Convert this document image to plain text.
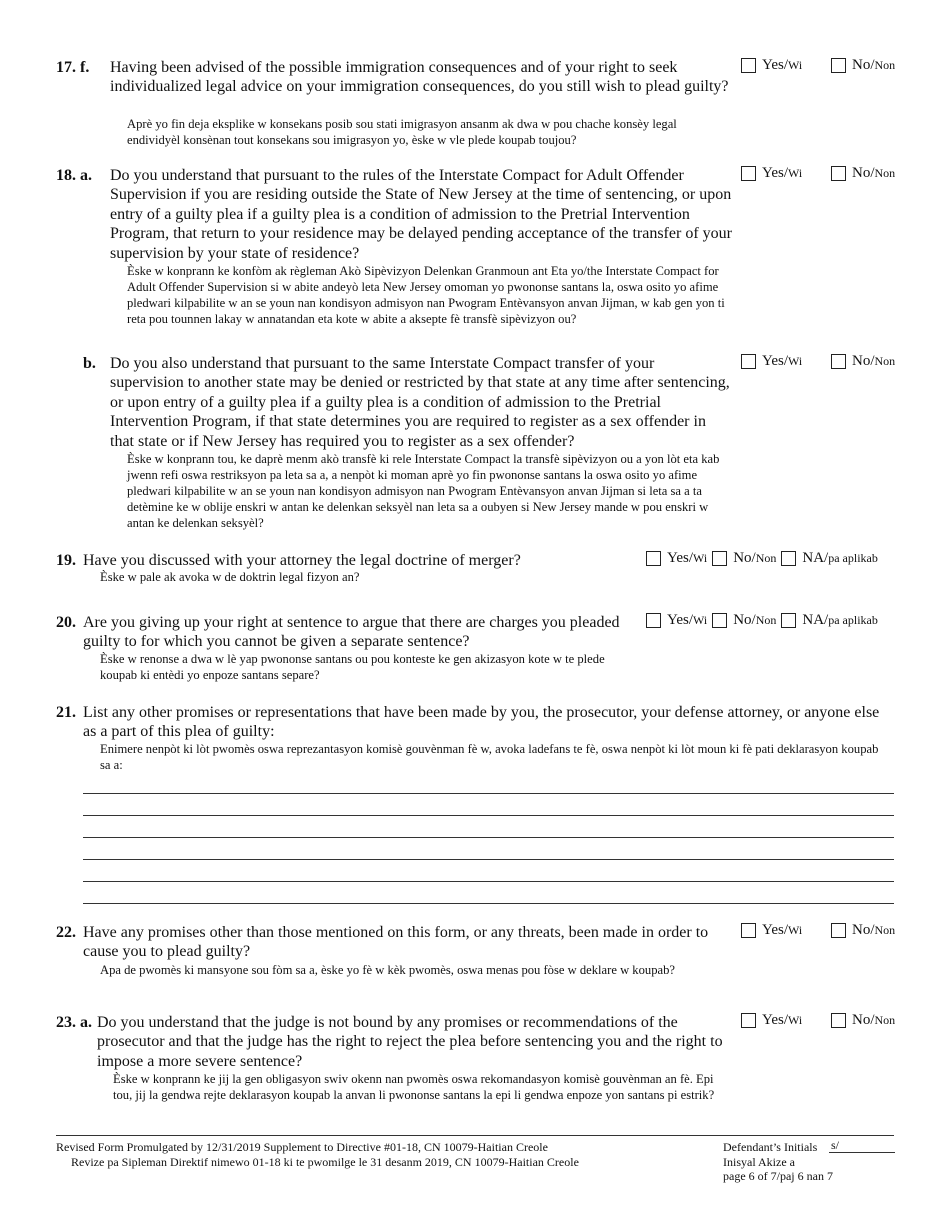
17. f. Having been advised of the possible immigration consequences and of your right to seek individualized legal advice on your immigration consequences, do you still wish to plead guilty?
Aprè yo fin deja eksplike w konsekans posib sou stati imigrasyon ansanm ak dwa w pou chache konsèy legal endividyèl konsènan tout konsekans sou imigrasyon yo, èske w vle plede koupab toujou?
Yes/ Wi	No/ Non
18. a. Do you understand that pursuant to the rules of the Interstate Compact for Adult Offender Supervision if you are residing outside the State of New Jersey at the time of sentencing, or upon entry of a guilty plea if a guilty plea is a condition of admission to the Pretrial Intervention Program, that return to your residence may be delayed pending acceptance of the transfer of your supervision by your state of residence?
Èske w konprann ke konfòm ak règleman Akò Sipèvizyon Delenkan Granmoun ant Eta yo/the Interstate Compact for Adult Offender Supervision si w abite andeyò leta New Jersey omoman yo pwononse santans la, oswa osito yo afime pledwari kilpabilite w an se youn nan kondisyon admisyon nan Pwogram Entèvansyon anvan Jijman, w kab gen yon ti reta pou tounnen lakay w annatandan eta kote w abite a aksepte fè transfè sipèvizyon ou?
Yes/ Wi	No/ Non
b. Do you also understand that pursuant to the same Interstate Compact transfer of your supervision to another state may be denied or restricted by that state at any time after sentencing, or upon entry of a guilty plea if a guilty plea is a condition of admission to the Pretrial Intervention Program, if that state determines you are required to register as a sex offender in that state or if New Jersey has required you to register as a sex offender?
Èske w konprann tou, ke daprè menm akò transfè ki rele Interstate Compact la transfè sipèvizyon ou a yon lòt eta kab jwenn refi oswa restriksyon pa leta sa a, a nenpòt ki moman aprè yo fin pwononse santans la oswa osito yo afime pledwari kilpabilite w an se youn nan kondisyon admisyon nan Pwogram Entèvansyon anvan Jijman si leta sa a ta detèmine ke w oblije enskri w antan ke delenkan seksyèl nan leta sa a oubyen si New Jersey mande w pou enskri w antan ke delenkan seksyèl?
Yes/ Wi	No/ Non
19. Have you discussed with your attorney the legal doctrine of merger?
Èske w pale ak avoka w de doktrin legal fizyon an?
Yes/ Wi No/ Non NA/ pa aplikab
20. Are you giving up your right at sentence to argue that there are charges you pleaded guilty to for which you cannot be given a separate sentence?
Èske w renonse a dwa w lè yap pwononse santans ou pou konteste ke gen akizasyon kote w te plede koupab ki entèdi yo enpoze santans separe?
Yes/ Wi No/ Non NA/ pa aplikab
21. List any other promises or representations that have been made by you, the prosecutor, your defense attorney, or anyone else as a part of this plea of guilty:
Enimere nenpòt ki lòt pwomès oswa reprezantasyon komisè gouvènman fè w, avoka ladefans te fè, oswa nenpòt ki lòt moun ki fè pati deklarasyon koupab sa a:
22. Have any promises other than those mentioned on this form, or any threats, been made in order to cause you to plead guilty?
Apa de pwomès ki mansyone sou fòm sa a, èske yo fè w kèk pwomès, oswa menas pou fòse w deklare w koupab?
Yes/ Wi	No/ Non
23. a. Do you understand that the judge is not bound by any promises or recommendations of the prosecutor and that the judge has the right to reject the plea before sentencing you and the right to impose a more severe sentence?
Èske w konprann ke jij la gen obligasyon swiv okenn nan pwomès oswa rekomandasyon komisè gouvènman an fè. Epi tou, jij la gendwa rejte deklarasyon koupab la anvan li pwononse santans la epi li gendwa enpoze yon santans pi estrik?
Yes/ Wi	No/ Non
Revised Form Promulgated by 12/31/2019 Supplement to Directive #01-18, CN 10079-Haitian Creole
Revize pa Sipleman Direktif nimewo 01-18 ki te pwomilge le 31 desanm 2019, CN 10079-Haitian Creole
Defendant’s Initials s/
Inisyal Akize a
page 6 of 7/paj 6 nan 7
